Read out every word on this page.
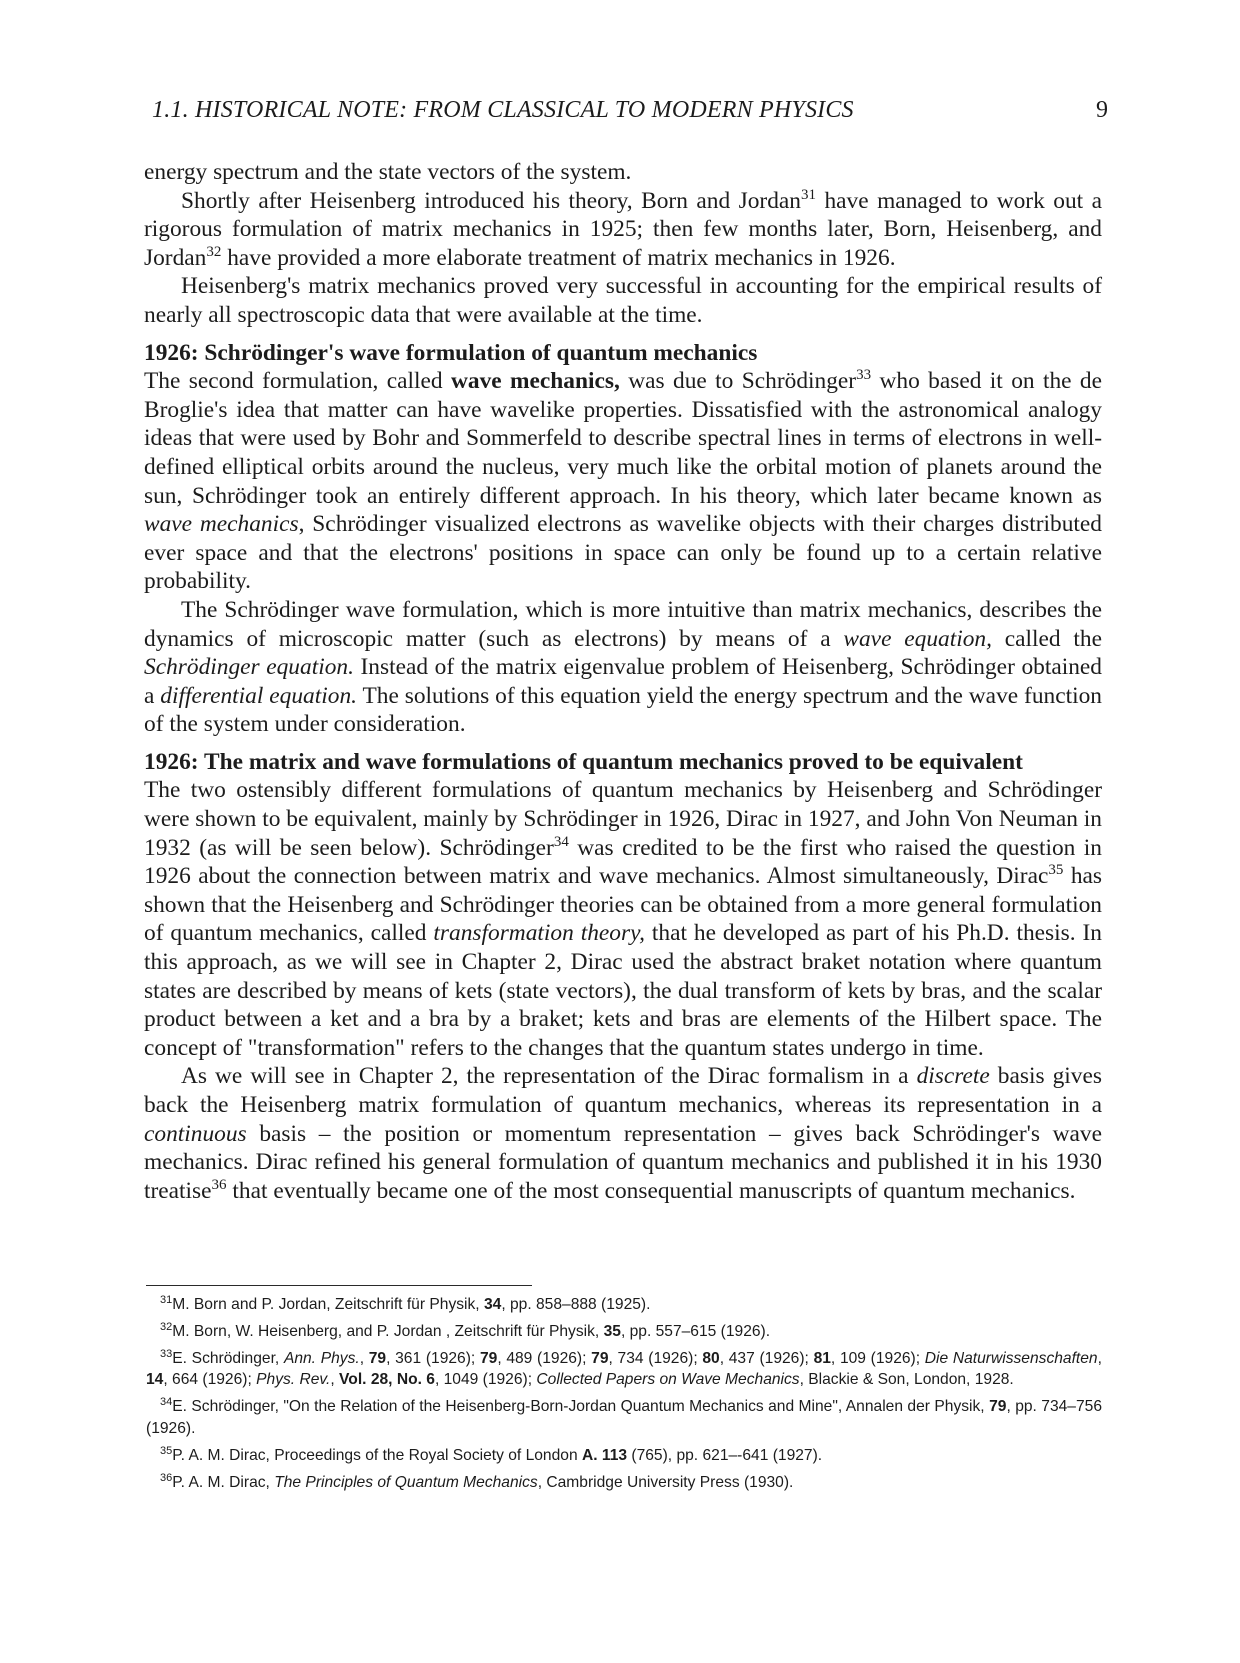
1.1. HISTORICAL NOTE: FROM CLASSICAL TO MODERN PHYSICS	9

energy spectrum and the state vectors of the system.

Shortly after Heisenberg introduced his theory, Born and Jordan$^{31}$ have managed to work out a rigorous formulation of matrix mechanics in 1925; then few months later, Born, Heisenberg, and Jordan$^{32}$ have provided a more elaborate treatment of matrix mechanics in 1926.

Heisenberg's matrix mechanics proved very successful in accounting for the empirical results of nearly all spectroscopic data that were available at the time.

1926: Schrödinger's wave formulation of quantum mechanics

The second formulation, called wave mechanics, was due to Schrödinger$^{33}$ who based it on the de Broglie's idea that matter can have wavelike properties. Dissatisfied with the astronomical analogy ideas that were used by Bohr and Sommerfeld to describe spectral lines in terms of electrons in well-defined elliptical orbits around the nucleus, very much like the orbital motion of planets around the sun, Schrödinger took an entirely different approach. In his theory, which later became known as wave mechanics, Schrödinger visualized electrons as wavelike objects with their charges distributed ever space and that the electrons' positions in space can only be found up to a certain relative probability.

The Schrödinger wave formulation, which is more intuitive than matrix mechanics, describes the dynamics of microscopic matter (such as electrons) by means of a wave equation, called the Schrödinger equation. Instead of the matrix eigenvalue problem of Heisenberg, Schrödinger obtained a differential equation. The solutions of this equation yield the energy spectrum and the wave function of the system under consideration.

1926: The matrix and wave formulations of quantum mechanics proved to be equivalent

The two ostensibly different formulations of quantum mechanics by Heisenberg and Schrödinger were shown to be equivalent, mainly by Schrödinger in 1926, Dirac in 1927, and John Von Neuman in 1932 (as will be seen below). Schrödinger$^{34}$ was credited to be the first who raised the question in 1926 about the connection between matrix and wave mechanics. Almost simultaneously, Dirac$^{35}$ has shown that the Heisenberg and Schrödinger theories can be obtained from a more general formulation of quantum mechanics, called transformation theory, that he developed as part of his Ph.D. thesis. In this approach, as we will see in Chapter 2, Dirac used the abstract braket notation where quantum states are described by means of kets (state vectors), the dual transform of kets by bras, and the scalar product between a ket and a bra by a braket; kets and bras are elements of the Hilbert space. The concept of "transformation" refers to the changes that the quantum states undergo in time.

As we will see in Chapter 2, the representation of the Dirac formalism in a discrete basis gives back the Heisenberg matrix formulation of quantum mechanics, whereas its representation in a continuous basis – the position or momentum representation – gives back Schrödinger's wave mechanics. Dirac refined his general formulation of quantum mechanics and published it in his 1930 treatise$^{36}$ that eventually became one of the most consequential manuscripts of quantum mechanics.

$^{31}$M. Born and P. Jordan, Zeitschrift für Physik, 34, pp. 858–888 (1925).

$^{32}$M. Born, W. Heisenberg, and P. Jordan , Zeitschrift für Physik, 35, pp. 557–615 (1926).

$^{33}$E. Schrödinger, Ann. Phys., 79, 361 (1926); 79, 489 (1926); 79, 734 (1926); 80, 437 (1926); 81, 109 (1926); Die Naturwissenschaften, 14, 664 (1926); Phys. Rev., Vol. 28, No. 6, 1049 (1926); Collected Papers on Wave Mechanics, Blackie & Son, London, 1928.

$^{34}$E. Schrödinger, "On the Relation of the Heisenberg-Born-Jordan Quantum Mechanics and Mine", Annalen der Physik, 79, pp. 734–756 (1926).

$^{35}$P. A. M. Dirac, Proceedings of the Royal Society of London A. 113 (765), pp. 621–-641 (1927).

$^{36}$P. A. M. Dirac, The Principles of Quantum Mechanics, Cambridge University Press (1930).
